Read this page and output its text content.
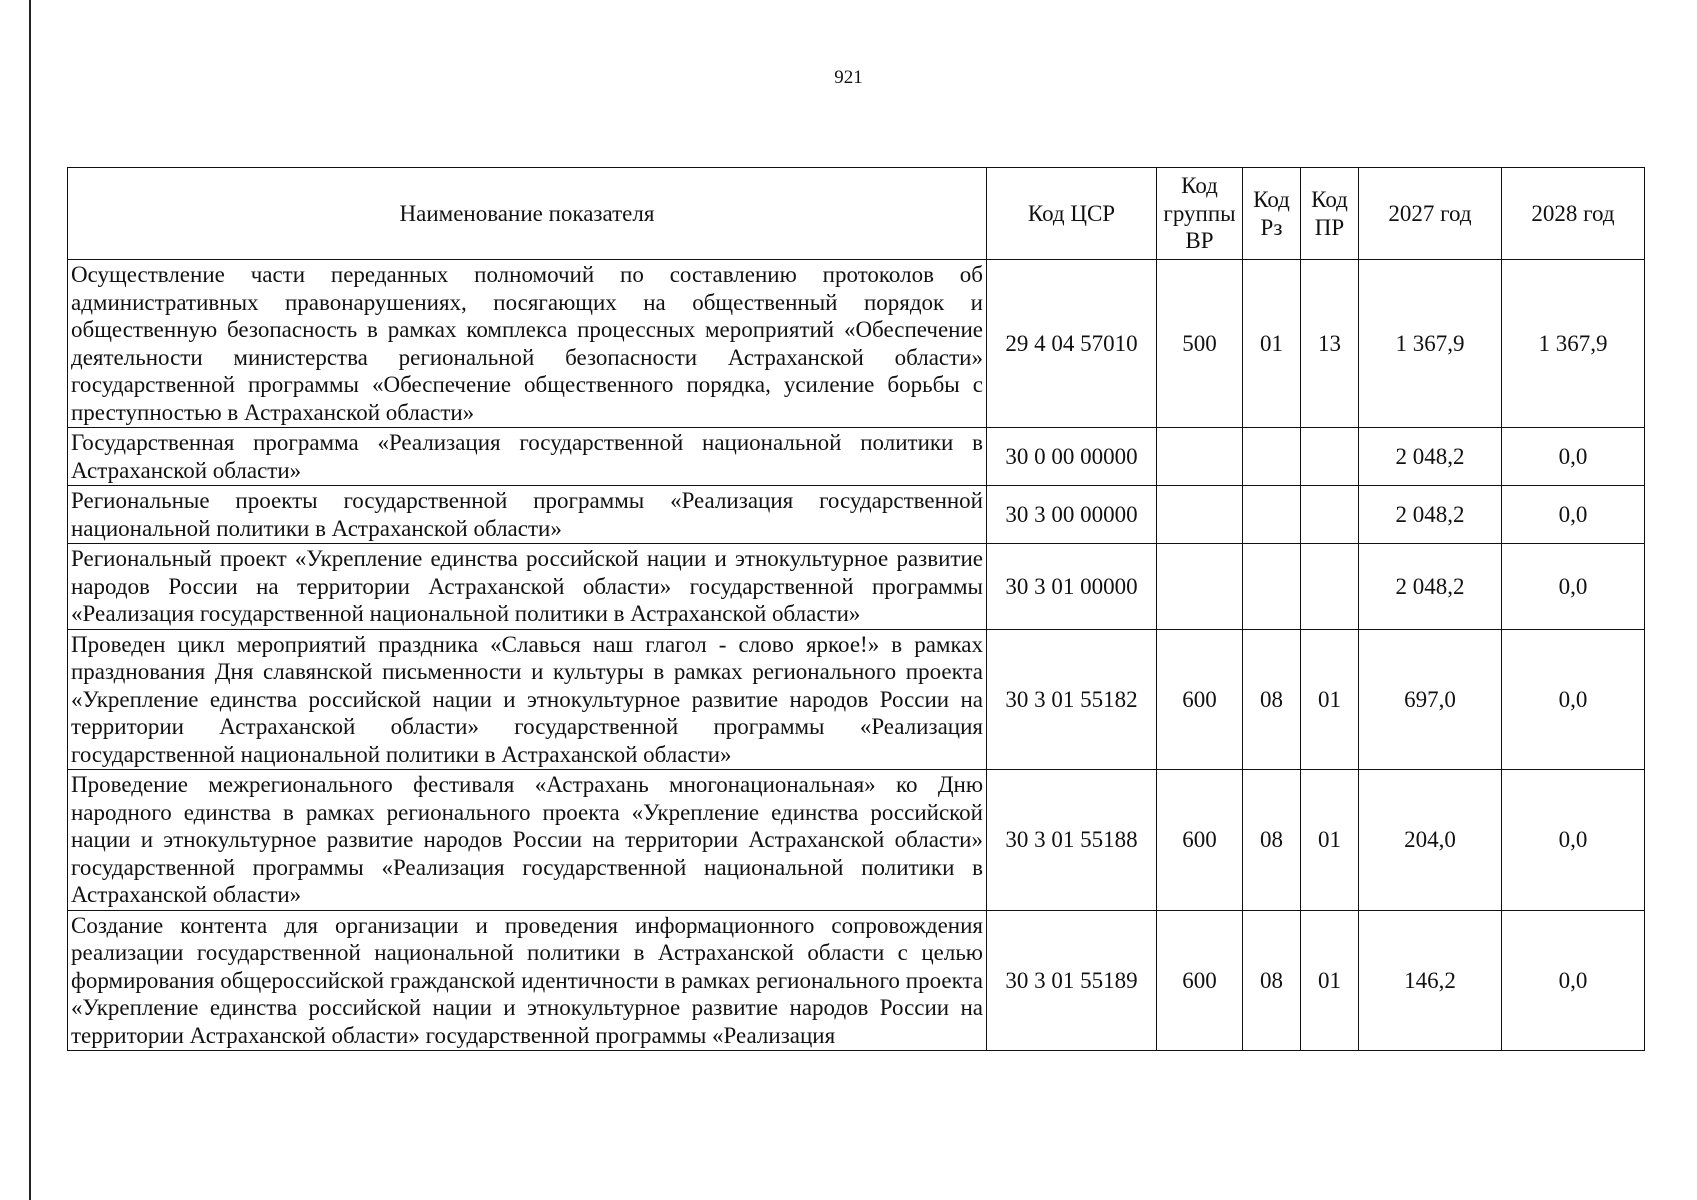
921
Наименование показателя	Код ЦСР	Код группы ВР	Код Рз	Код ПР	2027 год	2028 год
Осуществление части переданных полномочий по составлению протоколов об административных правонарушениях, посягающих на общественный порядок и общественную безопасность в рамках комплекса процессных мероприятий «Обеспечение деятельности министерства региональной безопасности Астраханской области» государственной программы «Обеспечение общественного порядка, усиление борьбы с преступностью в Астраханской области»	29 4 04 57010	500	01	13	1 367,9	1 367,9
Государственная программа «Реализация государственной национальной политики в Астраханской области»	30 0 00 00000				2 048,2	0,0
Региональные проекты государственной программы «Реализация государственной национальной политики в Астраханской области»	30 3 00 00000				2 048,2	0,0
Региональный проект «Укрепление единства российской нации и этнокультурное развитие народов России на территории Астраханской области» государственной программы «Реализация государственной национальной политики в Астраханской области»	30 3 01 00000				2 048,2	0,0
Проведен цикл мероприятий праздника «Славься наш глагол - слово яркое!» в рамках празднования Дня славянской письменности и культуры в рамках регионального проекта «Укрепление единства российской нации и этнокультурное развитие народов России на территории Астраханской области» государственной программы «Реализация государственной национальной политики в Астраханской области»	30 3 01 55182	600	08	01	697,0	0,0
Проведение межрегионального фестиваля «Астрахань многонациональная» ко Дню народного единства в рамках регионального проекта «Укрепление единства российской нации и этнокультурное развитие народов России на территории Астраханской области» государственной программы «Реализация государственной национальной политики в Астраханской области»	30 3 01 55188	600	08	01	204,0	0,0
Создание контента для организации и проведения информационного сопровождения реализации государственной национальной политики в Астраханской области с целью формирования общероссийской гражданской идентичности в рамках регионального проекта «Укрепление единства российской нации и этнокультурное развитие народов России на территории Астраханской области» государственной программы «Реализация	30 3 01 55189	600	08	01	146,2	0,0
